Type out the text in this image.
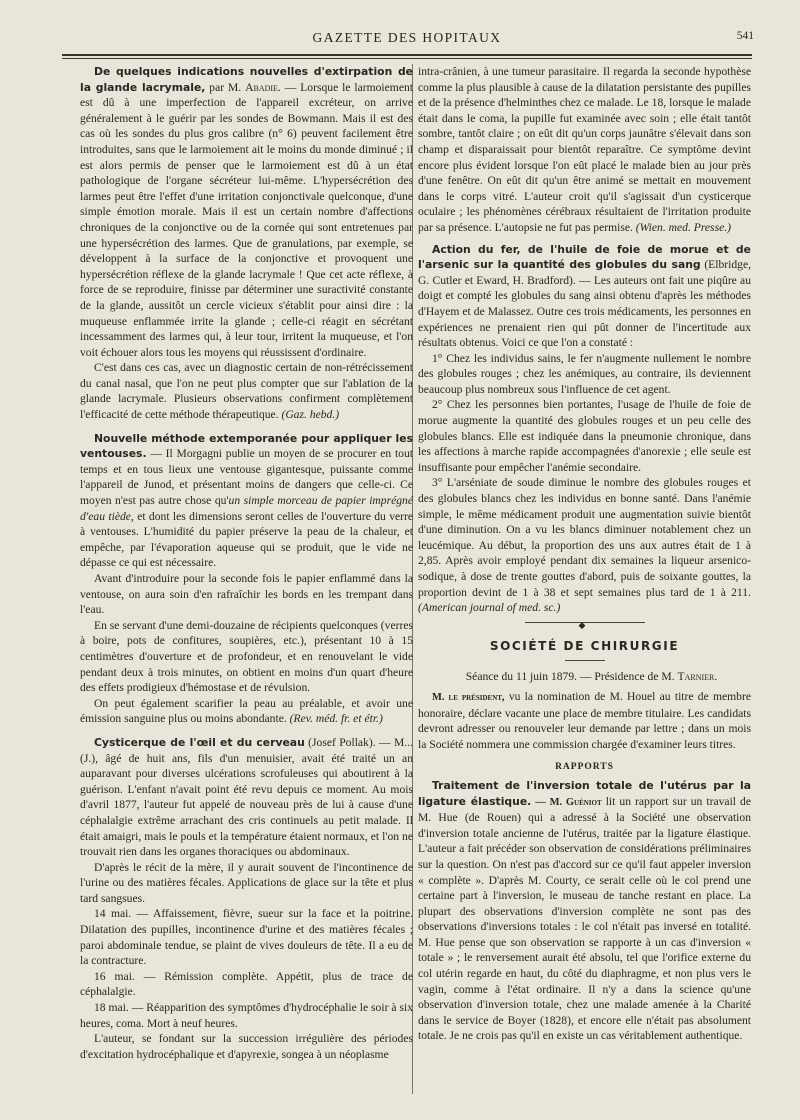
GAZETTE DES HOPITAUX	541

De quelques indications nouvelles d'extirpation de la glande lacrymale, par M. Abadie. — Lorsque le larmoiement est dû à une imperfection de l'appareil excréteur, on arrive généralement à le guérir par les sondes de Bowmann. Mais il est des cas où les sondes du plus gros calibre (n° 6) peuvent facilement être introduites, sans que le larmoiement ait le moins du monde diminué ; il est alors permis de penser que le larmoiement est dû à un état pathologique de l'organe sécréteur lui-même. L'hypersécrétion des larmes peut être l'effet d'une irritation conjonctivale quelconque, d'une simple émotion morale. Mais il est un certain nombre d'affections chroniques de la conjonctive ou de la cornée qui sont entretenues par une hypersécrétion des larmes. Que de granulations, par exemple, se développent à la surface de la conjonctive et provoquent une hypersécrétion réflexe de la glande lacrymale ! Que cet acte réflexe, à force de se reproduire, finisse par déterminer une suractivité constante de la glande, aussitôt un cercle vicieux s'établit pour ainsi dire : la muqueuse enflammée irrite la glande ; celle-ci réagit en sécrétant incessamment des larmes qui, à leur tour, irritent la muqueuse, et l'on voit échouer alors tous les moyens qui réussissent d'ordinaire.

C'est dans ces cas, avec un diagnostic certain de non-rétrécissement du canal nasal, que l'on ne peut plus compter que sur l'ablation de la glande lacrymale. Plusieurs observations confirment complètement l'efficacité de cette méthode thérapeutique. (Gaz. hebd.)

Nouvelle méthode extemporanée pour appliquer les ventouses. — Il Morgagni publie un moyen de se procurer en tout temps et en tous lieux une ventouse gigantesque, puissante comme l'appareil de Junod, et présentant moins de dangers que celle-ci. Ce moyen n'est pas autre chose qu'un simple morceau de papier imprégné d'eau tiède, et dont les dimensions seront celles de l'ouverture du verre à ventouses. L'humidité du papier préserve la peau de la chaleur, et empêche, par l'évaporation aqueuse qui se produit, que le vide ne dépasse ce qui est nécessaire.

Avant d'introduire pour la seconde fois le papier enflammé dans la ventouse, on aura soin d'en rafraîchir les bords en les trempant dans l'eau.

En se servant d'une demi-douzaine de récipients quelconques (verres à boire, pots de confitures, soupières, etc.), présentant 10 à 15 centimètres d'ouverture et de profondeur, et en renouvelant le vide pendant deux à trois minutes, on obtient en moins d'un quart d'heure des effets prodigieux d'hémostase et de révulsion.

On peut également scarifier la peau au préalable, et avoir une émission sanguine plus ou moins abondante. (Rev. méd. fr. et étr.)

Cysticerque de l'œil et du cerveau (Josef Pollak). — M... (J.), âgé de huit ans, fils d'un menuisier, avait été traité un an auparavant pour diverses ulcérations scrofuleuses qui aboutirent à la guérison. L'enfant n'avait point été revu depuis ce moment. Au mois d'avril 1877, l'auteur fut appelé de nouveau près de lui à cause d'une céphalalgie extrême arrachant des cris continuels au petit malade. Il était amaigri, mais le pouls et la température étaient normaux, et l'on ne trouvait rien dans les organes thoraciques ou abdominaux.

D'après le récit de la mère, il y aurait souvent de l'incontinence de l'urine ou des matières fécales. Applications de glace sur la tête et plus tard sangsues.

14 mai. — Affaissement, fièvre, sueur sur la face et la poitrine. Dilatation des pupilles, incontinence d'urine et des matières fécales ; paroi abdominale tendue, se plaint de vives douleurs de tête. Il a eu de la contracture.

16 mai. — Rémission complète. Appétit, plus de trace de céphalalgie.

18 mai. — Réapparition des symptômes d'hydrocéphalie le soir à six heures, coma. Mort à neuf heures.

L'auteur, se fondant sur la succession irrégulière des périodes d'excitation hydrocéphalique et d'apyrexie, songea à un néoplasme

intra-crânien, à une tumeur parasitaire. Il regarda la seconde hypothèse comme la plus plausible à cause de la dilatation persistante des pupilles et de la présence d'helminthes chez ce malade. Le 18, lorsque le malade était dans le coma, la pupille fut examinée avec soin ; elle était tantôt sombre, tantôt claire ; on eût dit qu'un corps jaunâtre s'élevait dans son champ et disparaissait pour bientôt reparaître. Ce symptôme devint encore plus évident lorsque l'on eût placé le malade bien au jour près d'une fenêtre. On eût dit qu'un être animé se mettait en mouvement dans le corps vitré. L'auteur croit qu'il s'agissait d'un cysticerque oculaire ; les phénomènes cérébraux résultaient de l'irritation produite par sa présence. L'autopsie ne fut pas permise. (Wien. med. Presse.)

Action du fer, de l'huile de foie de morue et de l'arsenic sur la quantité des globules du sang (Elbridge, G. Cutler et Eward, H. Bradford). — Les auteurs ont fait une piqûre au doigt et compté les globules du sang ainsi obtenu d'après les méthodes d'Hayem et de Malassez. Outre ces trois médicaments, les personnes en expériences ne prenaient rien qui pût donner de l'incertitude aux résultats obtenus. Voici ce que l'on a constaté :

1° Chez les individus sains, le fer n'augmente nullement le nombre des globules rouges ; chez les anémiques, au contraire, ils deviennent beaucoup plus nombreux sous l'influence de cet agent.

2° Chez les personnes bien portantes, l'usage de l'huile de foie de morue augmente la quantité des globules rouges et un peu celle des globules blancs. Elle est indiquée dans la pneumonie chronique, dans les affections à marche rapide accompagnées d'anorexie ; elle seule est insuffisante pour empêcher l'anémie secondaire.

3° L'arséniate de soude diminue le nombre des globules rouges et des globules blancs chez les individus en bonne santé. Dans l'anémie simple, le même médicament produit une augmentation suivie bientôt d'une diminution. On a vu les blancs diminuer notablement chez un leucémique. Au début, la proportion des uns aux autres était de 1 à 2,85. Après avoir employé pendant dix semaines la liqueur arsenico-sodique, à dose de trente gouttes d'abord, puis de soixante gouttes, la proportion devint de 1 à 38 et sept semaines plus tard de 1 à 211. (American journal of med. sc.)

◆
SOCIÉTÉ DE CHIRURGIE

Séance du 11 juin 1879. — Présidence de M. Tarnier.

M. le président, vu la nomination de M. Houel au titre de membre honoraire, déclare vacante une place de membre titulaire. Les candidats devront adresser ou renouveler leur demande par lettre ; dans un mois la Société nommera une commission chargée d'examiner leurs titres.

RAPPORTS

Traitement de l'inversion totale de l'utérus par la ligature élastique. — M. Guéniot lit un rapport sur un travail de M. Hue (de Rouen) qui a adressé à la Société une observation d'inversion totale ancienne de l'utérus, traitée par la ligature élastique. L'auteur a fait précéder son observation de considérations préliminaires sur la question. On n'est pas d'accord sur ce qu'il faut appeler inversion « complète ». D'après M. Courty, ce serait celle où le col prend une certaine part à l'inversion, le museau de tanche restant en place. La plupart des observations d'inversion complète ne sont pas des observations d'inversions totales : le col n'était pas inversé en totalité. M. Hue pense que son observation se rapporte à un cas d'inversion « totale » ; le renversement aurait été absolu, tel que l'orifice externe du col utérin regarde en haut, du côté du diaphragme, et non plus vers le vagin, comme à l'état ordinaire. Il n'y a dans la science qu'une observation d'inversion totale, chez une malade amenée à la Charité dans le service de Boyer (1828), et encore elle n'était pas absolument totale. Je ne crois pas qu'il en existe un cas véritablement authentique.
